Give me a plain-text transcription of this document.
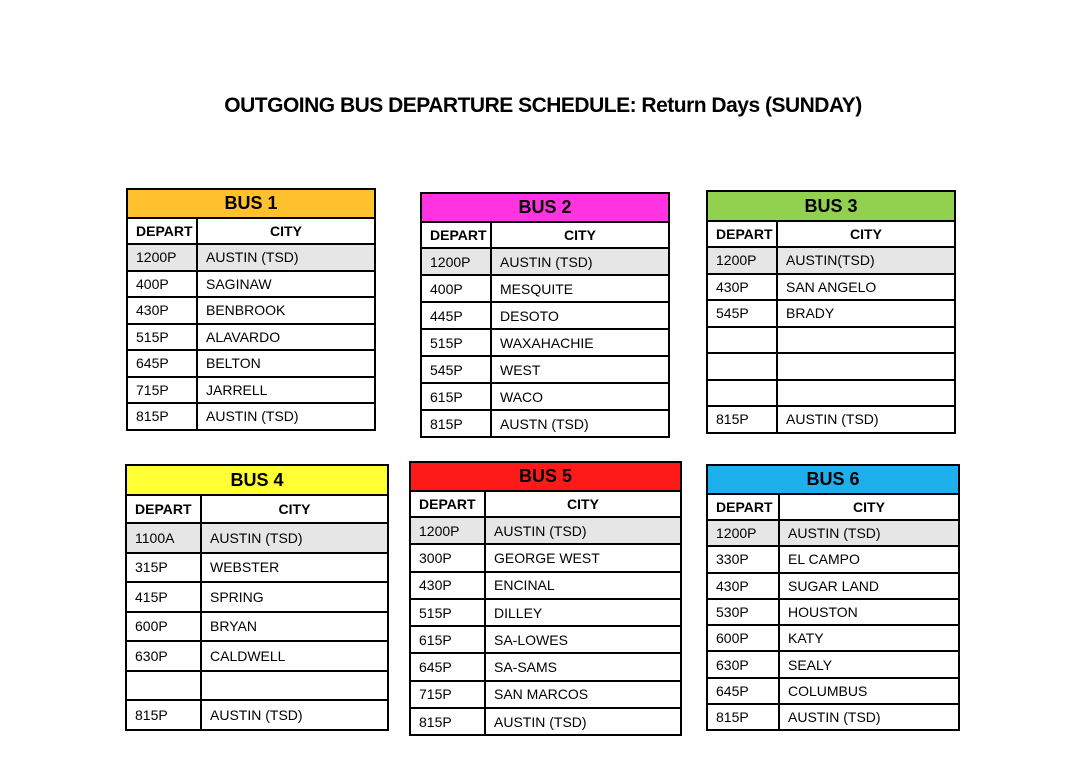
OUTGOING BUS DEPARTURE SCHEDULE: Return Days (SUNDAY)
BUS 1	
DEPART	CITY
1200P	AUSTIN (TSD)
400P	SAGINAW
430P	BENBROOK
515P	ALAVARDO
645P	BELTON
715P	JARRELL
815P	AUSTIN (TSD)
BUS 2	
DEPART	CITY
1200P	AUSTIN (TSD)
400P	MESQUITE
445P	DESOTO
515P	WAXAHACHIE
545P	WEST
615P	WACO
815P	AUSTN (TSD)
BUS 3	
DEPART	CITY
1200P	AUSTIN(TSD)
430P	SAN ANGELO
545P	BRADY

815P	AUSTIN (TSD)
BUS 4	
DEPART	CITY
1100A	AUSTIN (TSD)
315P	WEBSTER
415P	SPRING
600P	BRYAN
630P	CALDWELL

815P	AUSTIN (TSD)
BUS 5	
DEPART	CITY
1200P	AUSTIN (TSD)
300P	GEORGE WEST
430P	ENCINAL
515P	DILLEY
615P	SA-LOWES
645P	SA-SAMS
715P	SAN MARCOS
815P	AUSTIN (TSD)
BUS 6	
DEPART	CITY
1200P	AUSTIN (TSD)
330P	EL CAMPO
430P	SUGAR LAND
530P	HOUSTON
600P	KATY
630P	SEALY
645P	COLUMBUS
815P	AUSTIN (TSD)
